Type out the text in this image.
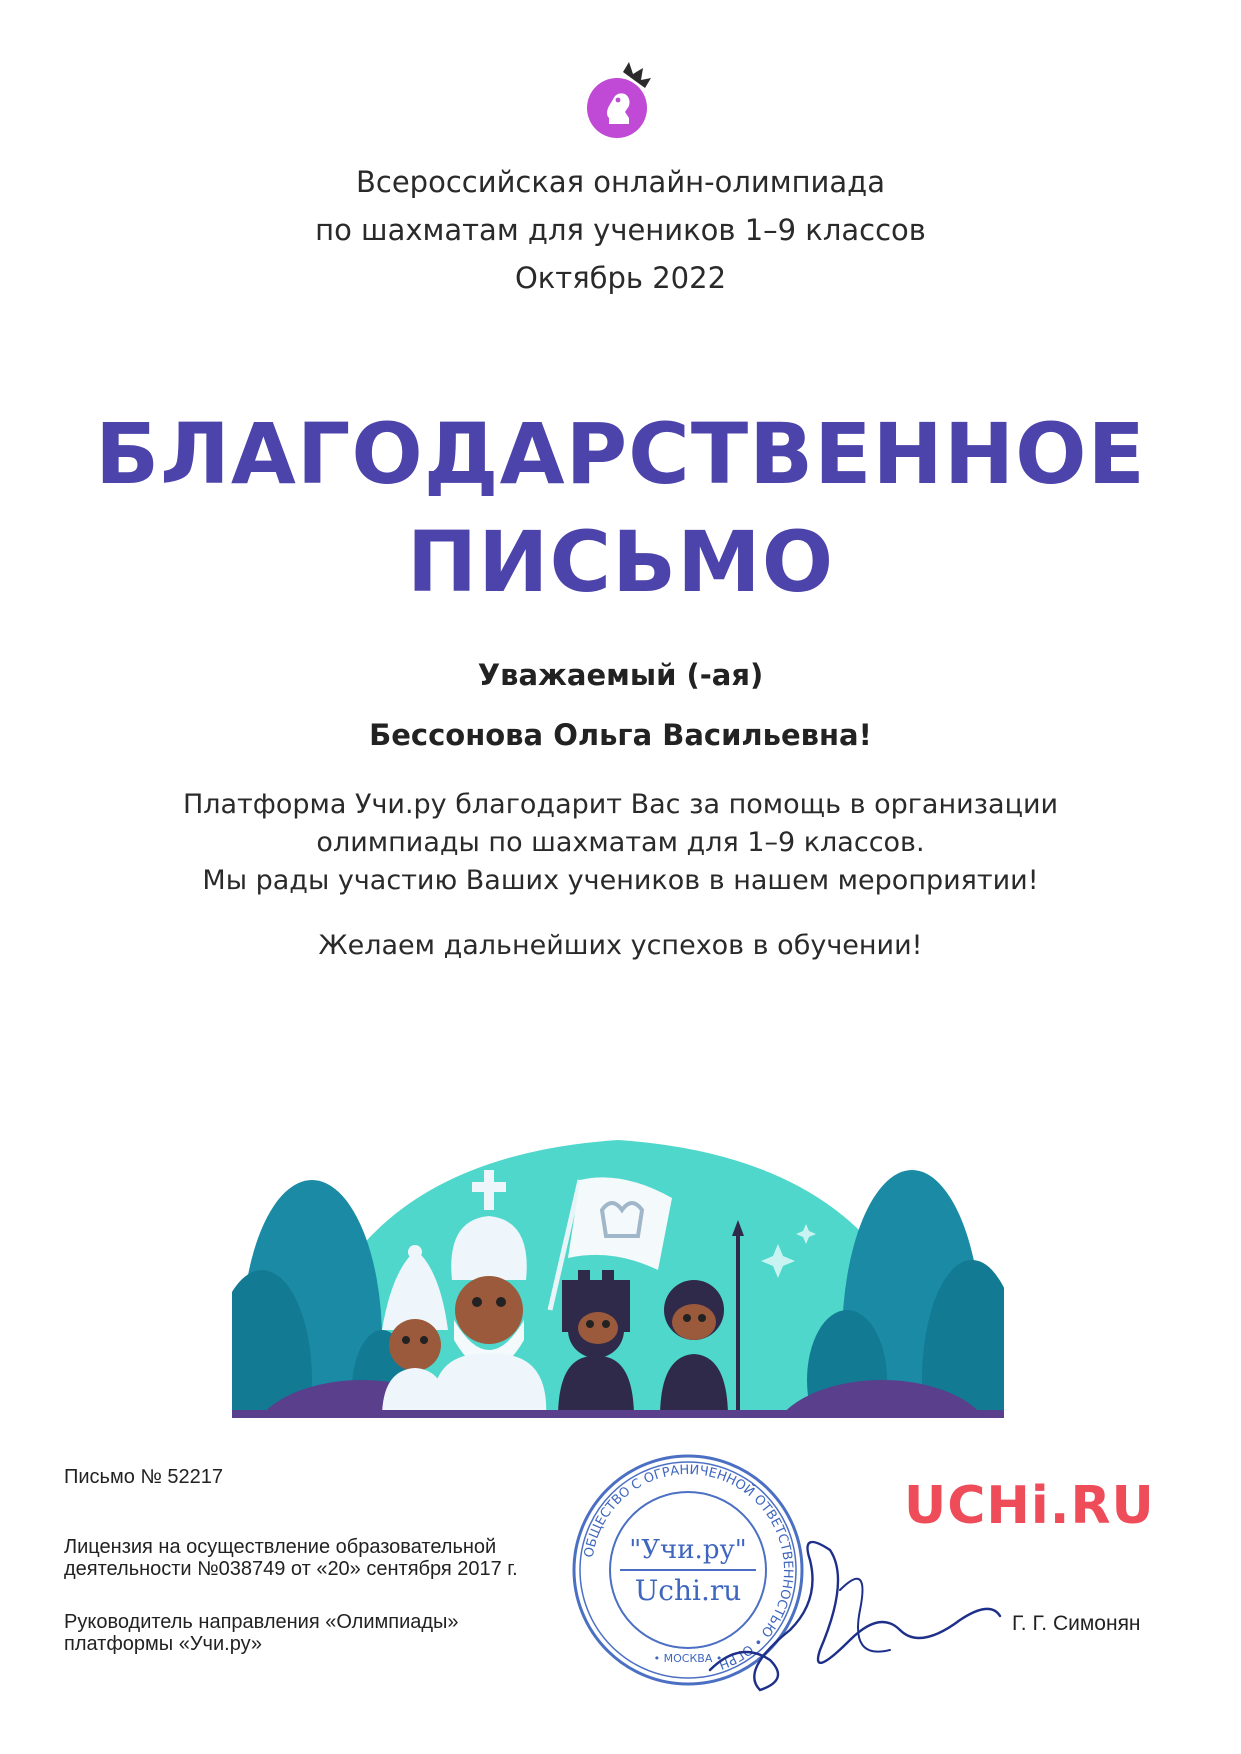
Всероссийская онлайн-олимпиада
по шахматам для учеников 1–9 классов
Октябрь 2022
БЛАГОДАРСТВЕННОЕ
ПИСЬМО
Уважаемый (-ая)
Бессонова Ольга Васильевна!
Платформа Учи.ру благодарит Вас за помощь в организации
олимпиады по шахматам для 1–9 классов.
Мы рады участию Ваших учеников в нашем мероприятии!
Желаем дальнейших успехов в обучении!
Письмо № 52217
Лицензия на осуществление образовательной
деятельности №038749 от «20» сентября 2017 г.
Руководитель направления «Олимпиады»
платформы «Учи.ру»
ОБЩЕСТВО С ОГРАНИЧЕННОЙ ОТВЕТСТВЕННОСТЬЮ • ОГРН
• МОСКВА •
"Учи.ру"
Uchi.ru
UCHi.RU
Г. Г. Симонян
